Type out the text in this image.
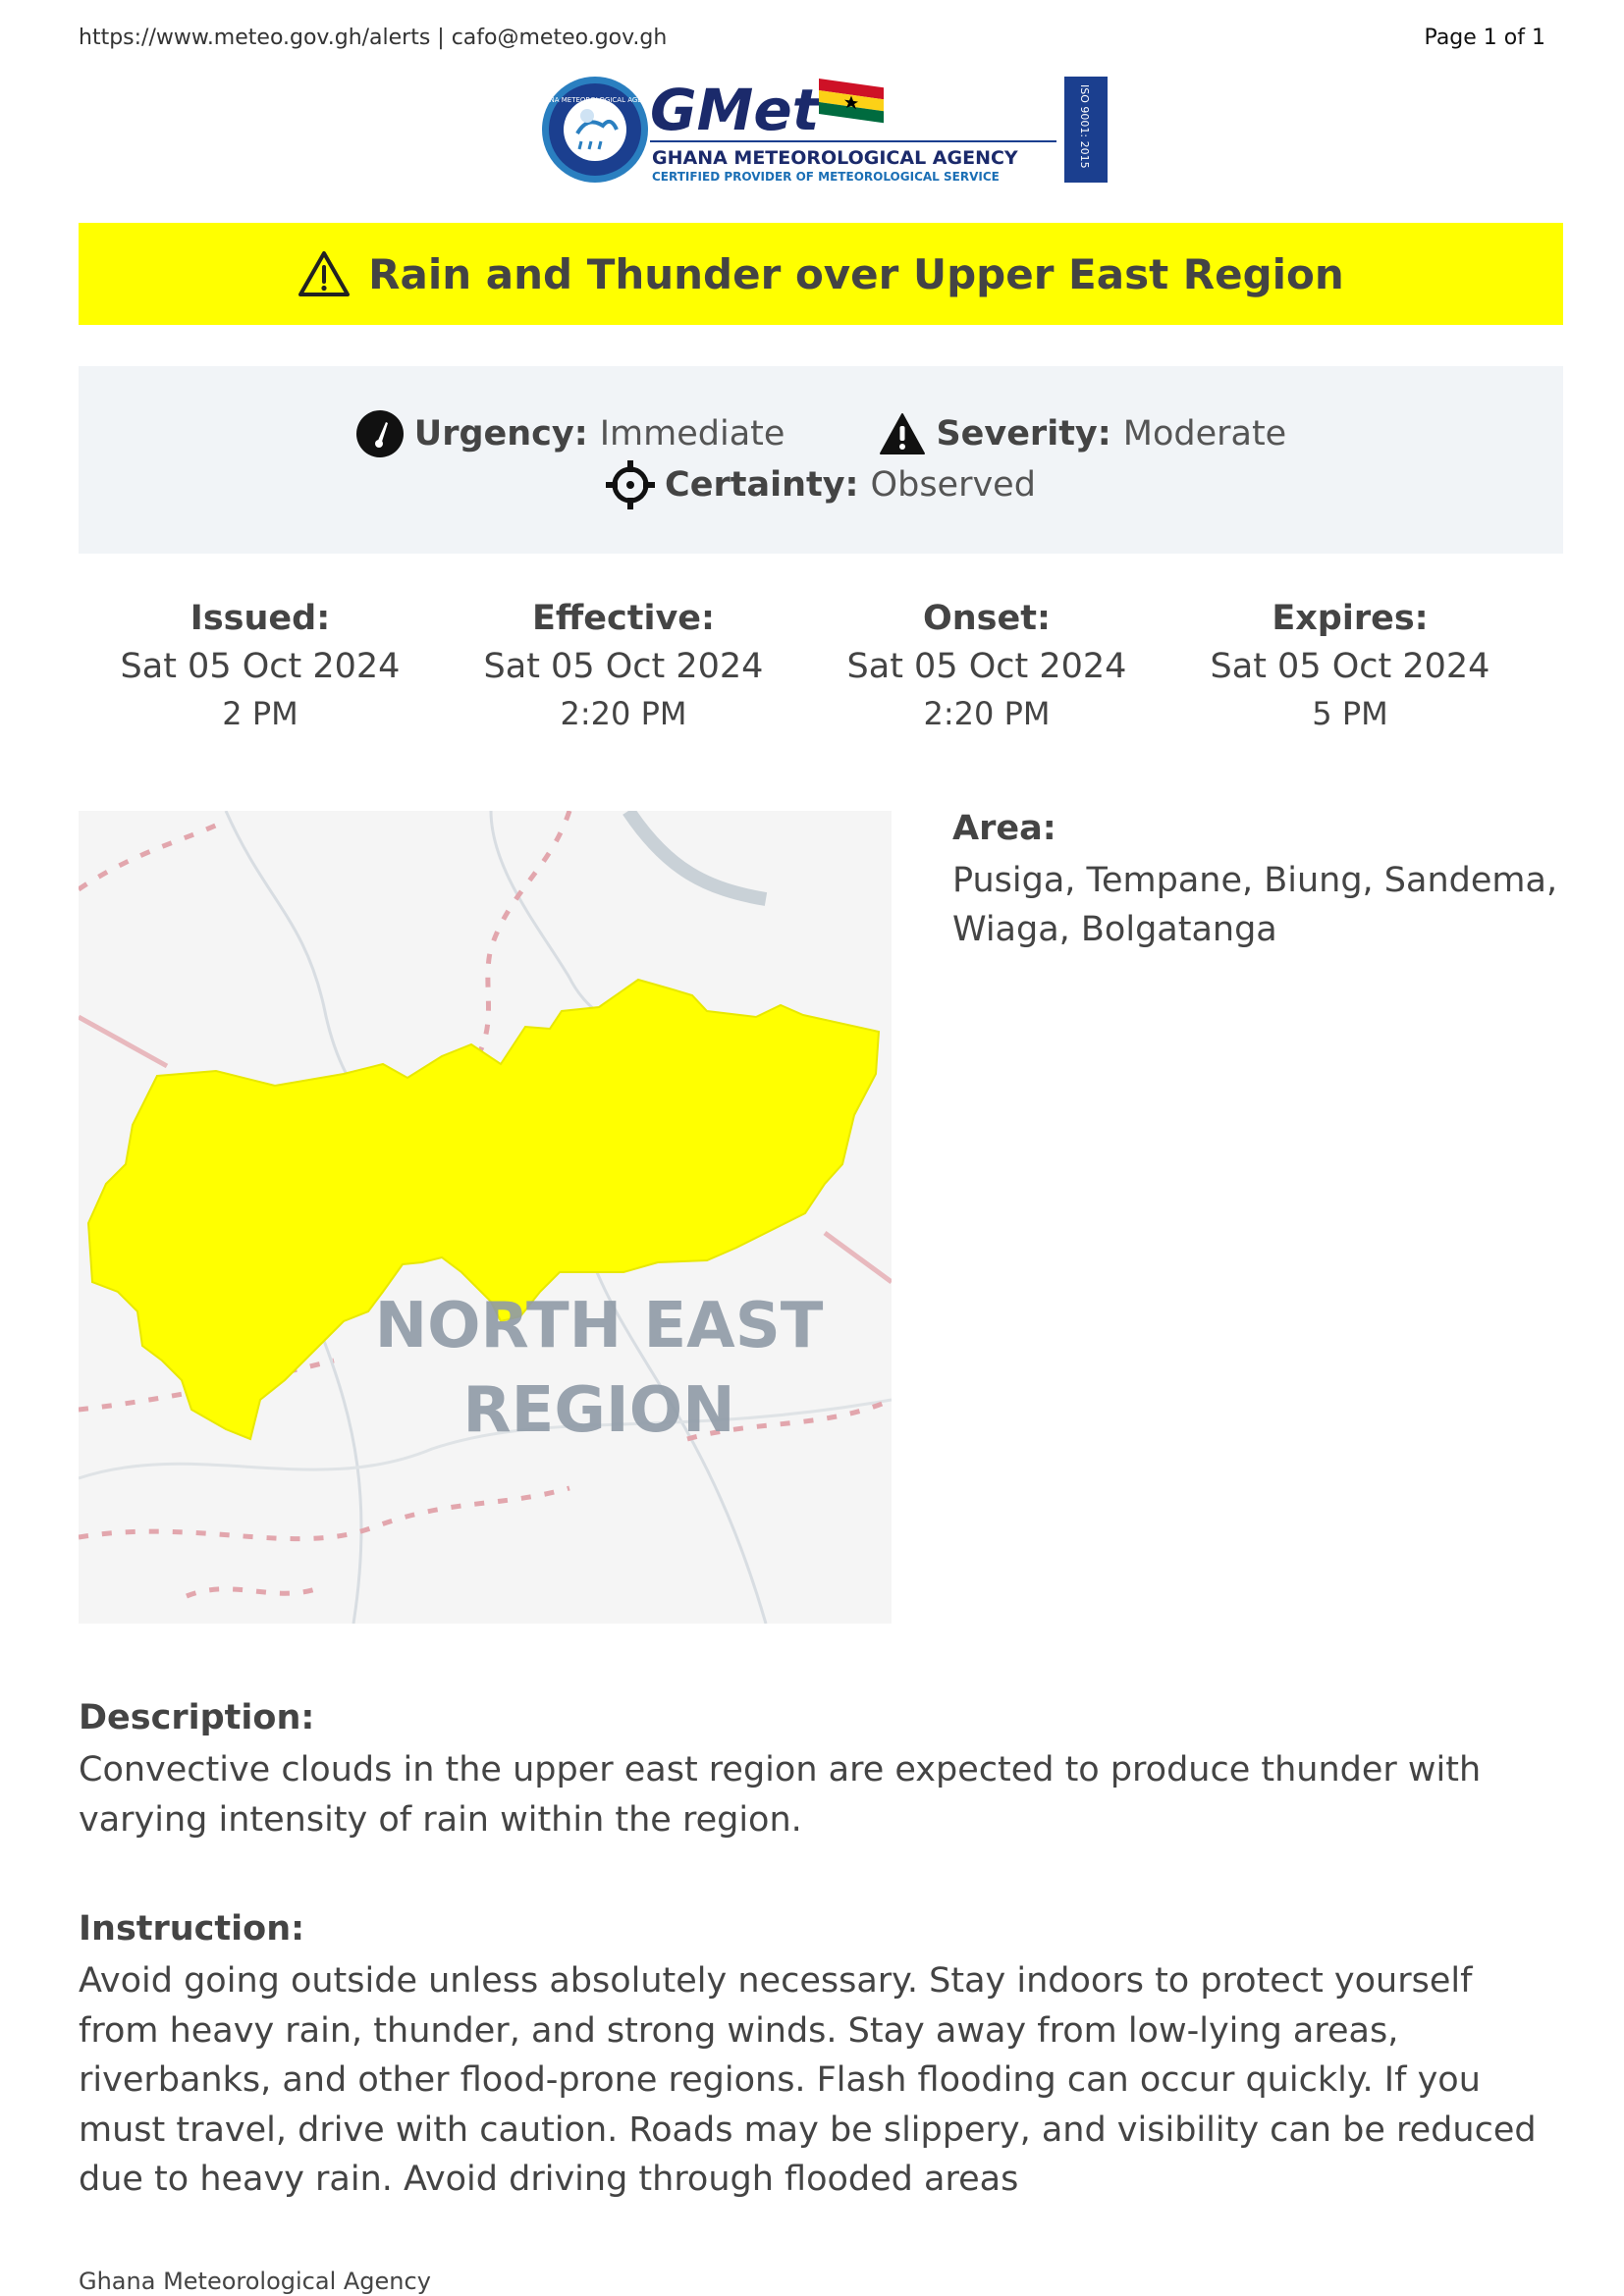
https://www.meteo.gov.gh/alerts | cafo@meteo.gov.gh	Page 1 of 1
GHANA METEOROLOGICAL AGENCY
GMet
GHANA METEOROLOGICAL AGENCY
CERTIFIED PROVIDER OF METEOROLOGICAL SERVICE
ISO 9001: 2015
Rain and Thunder over Upper East Region
Urgency: Immediate	Severity: Moderate
Certainty: Observed
Issued:
Sat 05 Oct 2024
2 PM
Effective:
Sat 05 Oct 2024
2:20 PM
Onset:
Sat 05 Oct 2024
2:20 PM
Expires:
Sat 05 Oct 2024
5 PM
NORTH EAST
REGION
Area:
Pusiga, Tempane, Biung, Sandema, Wiaga, Bolgatanga
Description:
Convective clouds in the upper east region are expected to produce thunder with varying intensity of rain within the region.
Instruction:
Avoid going outside unless absolutely necessary. Stay indoors to protect yourself from heavy rain, thunder, and strong winds. Stay away from low-lying areas, riverbanks, and other flood-prone regions. Flash flooding can occur quickly. If you must travel, drive with caution. Roads may be slippery, and visibility can be reduced due to heavy rain. Avoid driving through flooded areas
Ghana Meteorological Agency
